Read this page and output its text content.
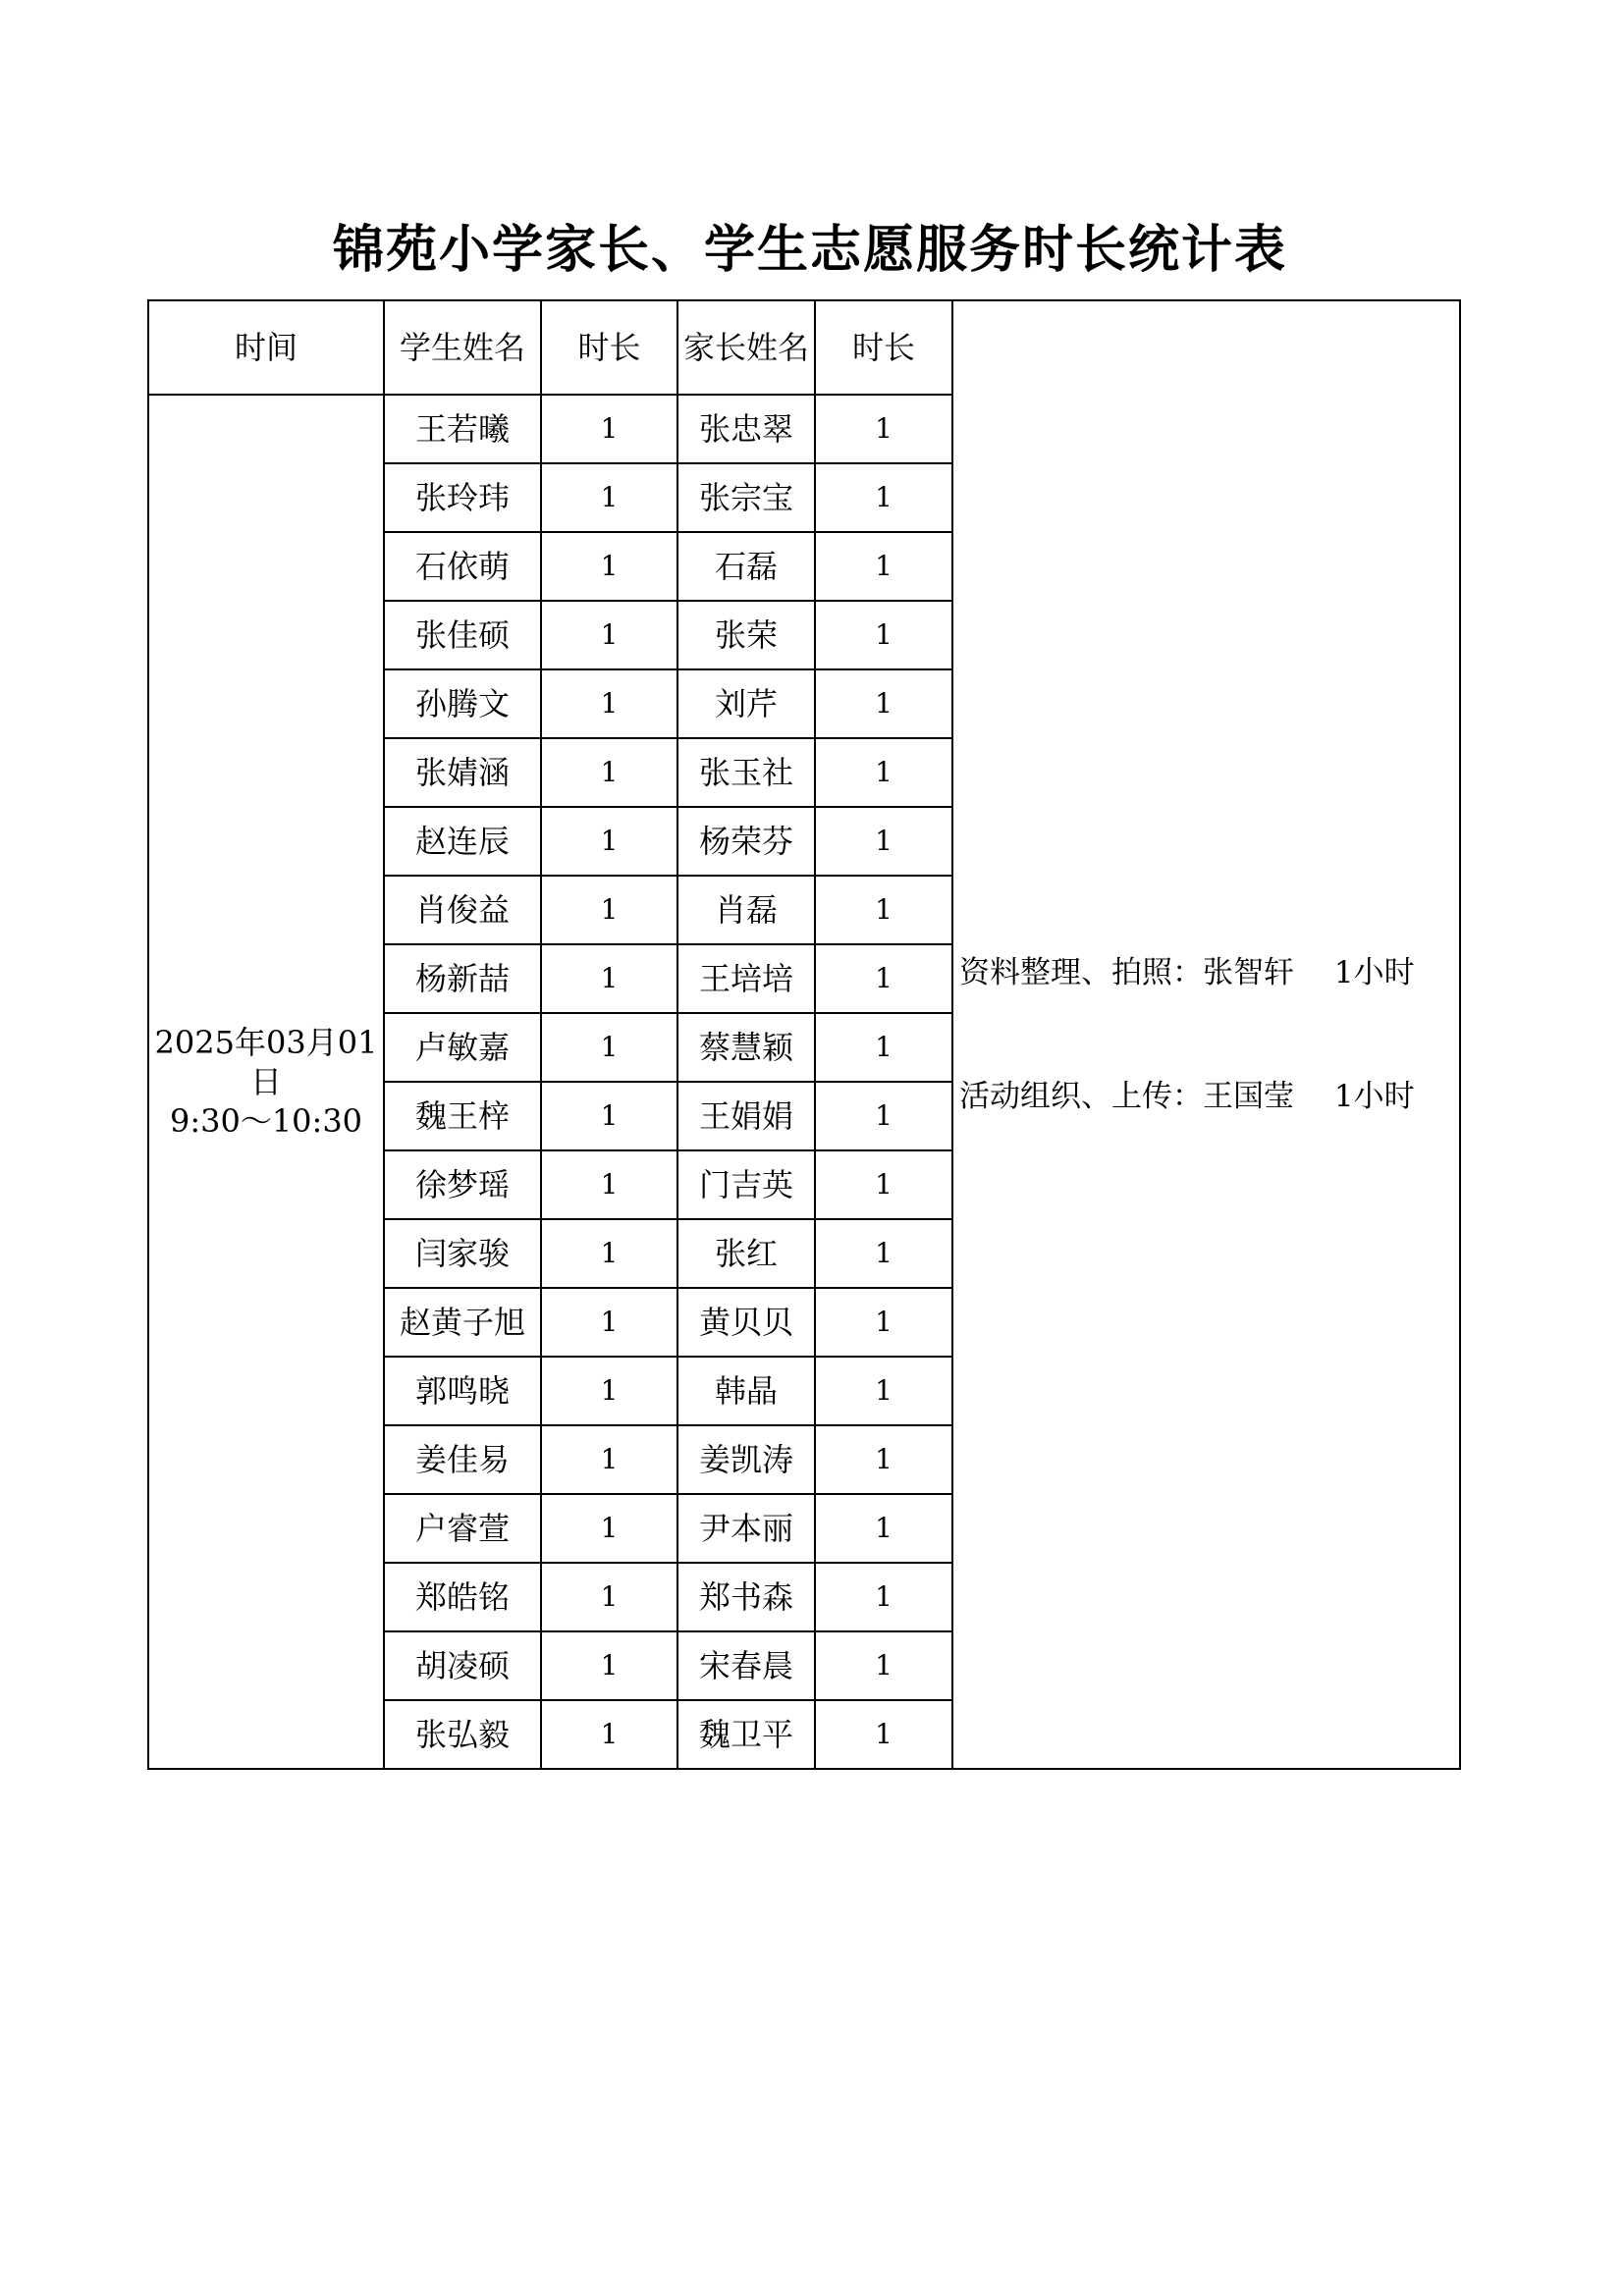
锦苑小学家长、学生志愿服务时长统计表
时间	学生姓名	时长	家长姓名	时长	资料整理、拍照：张智轩　 1小时

活动组织、上传：王国莹　 1小时

2025年03月01
日
9:30～10:30	王若曦	1	张忠翠	1	
	张玲玮	1	张宗宝	1	
	石依萌	1	石磊	1	
	张佳硕	1	张荣	1	
	孙腾文	1	刘芹	1	
	张婧涵	1	张玉社	1	
	赵连辰	1	杨荣芬	1	
	肖俊益	1	肖磊	1	
	杨新喆	1	王培培	1	
	卢敏嘉	1	蔡慧颖	1	
	魏王梓	1	王娟娟	1	
	徐梦瑶	1	门吉英	1	
	闫家骏	1	张红	1	
	赵黄子旭	1	黄贝贝	1	
	郭鸣晓	1	韩晶	1	
	姜佳易	1	姜凯涛	1	
	户睿萱	1	尹本丽	1	
	郑皓铭	1	郑书森	1	
	胡凌硕	1	宋春晨	1	
	张弘毅	1	魏卫平	1	
